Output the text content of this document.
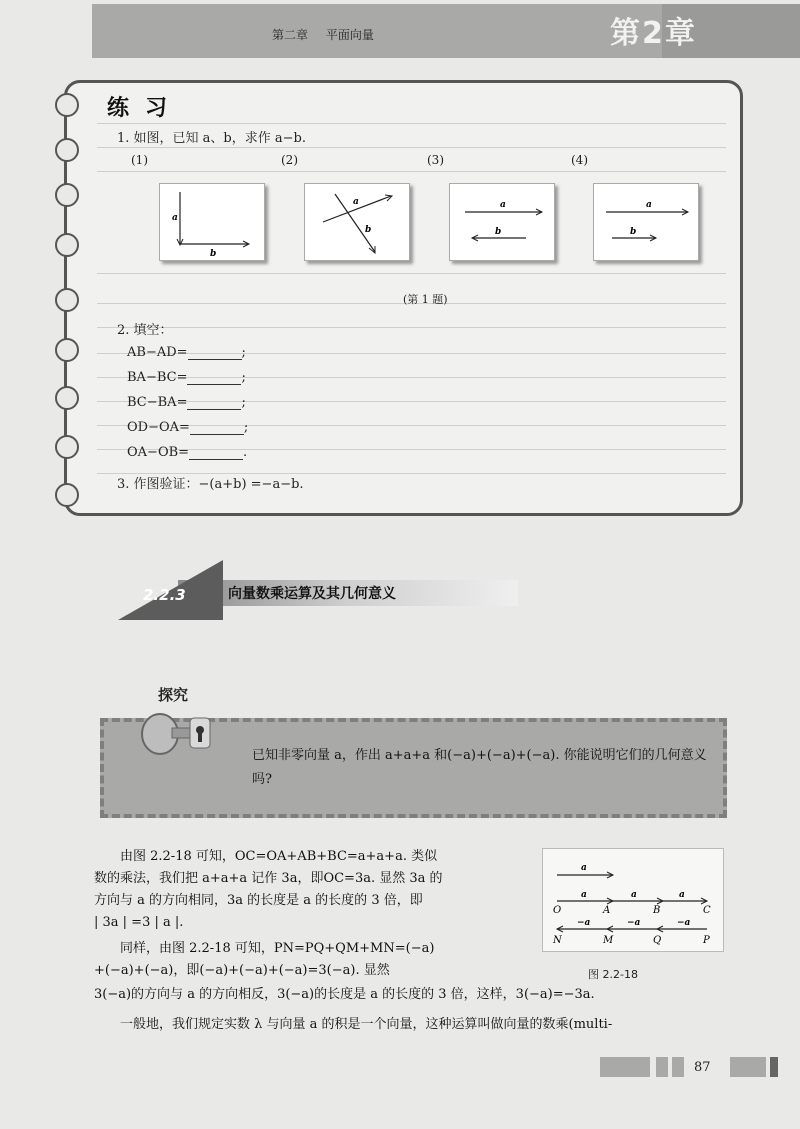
第二章 平面向量	第2章
练习
1. 如图，已知 a、b，求作 a−b.
(1)	(2)	(3)	(4)
a
b
a
b
a
b
a
b
(第 1 题)
2. 填空：
AB−AD=	;
BA−BC=	;
BC−BA=	;
OD−OA=	;
OA−OB=	.
3. 作图验证：−(a+b) =−a−b.
2.2.3	向量数乘运算及其几何意义
已知非零向量 a，作出 a+a+a 和(−a)+(−a)+(−a). 你能说明它们的几何意义吗?
探究
由图 2.2-18 可知，OC=OA+AB+BC=a+a+a. 类似
数的乘法，我们把 a+a+a 记作 3a，即OC=3a. 显然 3a 的
方向与 a 的方向相同，3a 的长度是 a 的长度的 3 倍，即
| 3a | =3 | a |.
同样，由图 2.2-18 可知，PN=PQ+QM+MN=(−a)
+(−a)+(−a)，即(−a)+(−a)+(−a)=3(−a). 显然
3(−a)的方向与 a 的方向相反，3(−a)的长度是 a 的长度的 3 倍，这样，3(−a)=−3a.
一般地，我们规定实数 λ 与向量 a 的积是一个向量，这种运算叫做向量的数乘(multi-
a
a	a	a
O	A	B	C
−a	−a	−a
N	M	Q	P
图 2.2-18
87
